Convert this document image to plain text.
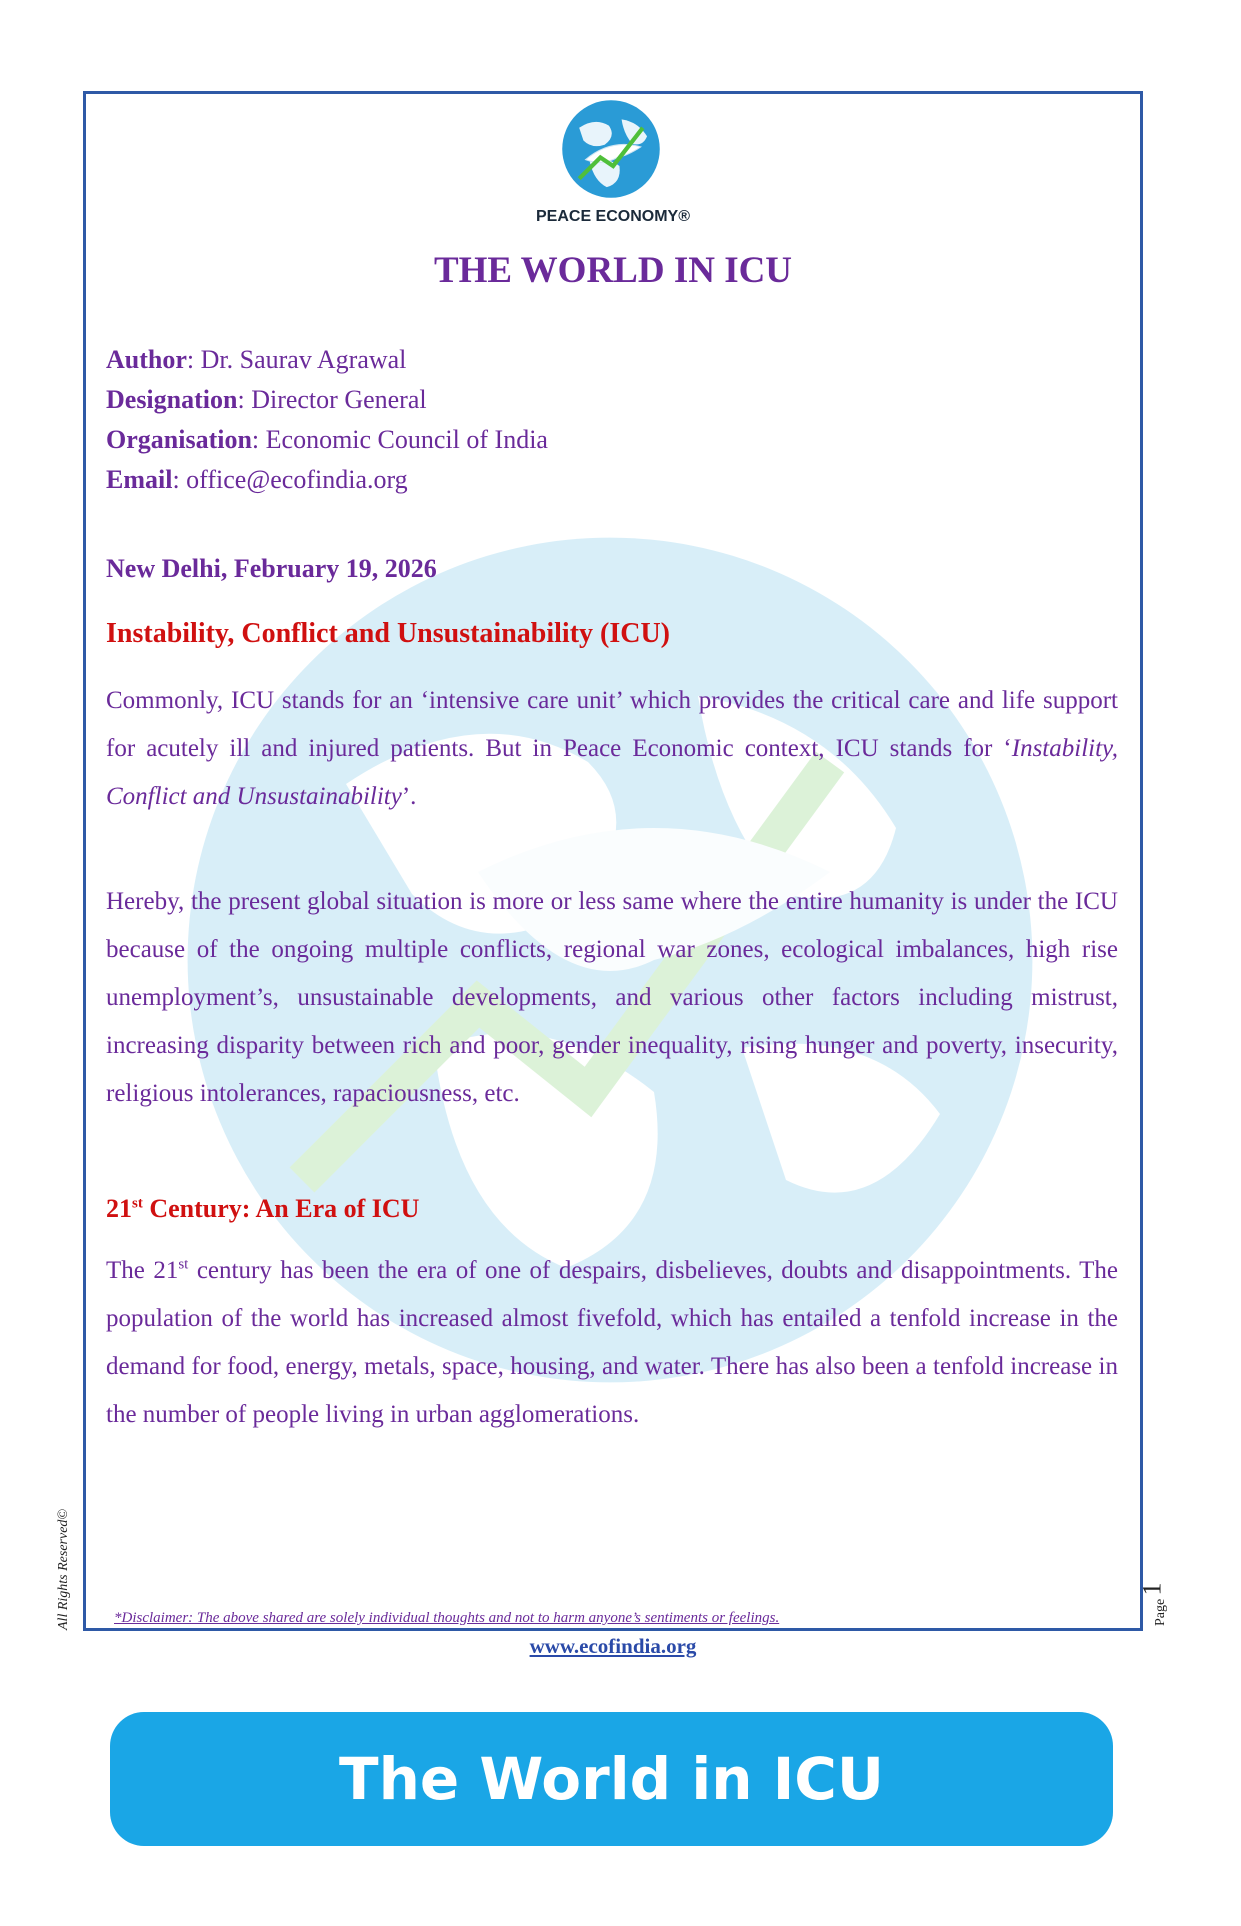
PEACE ECONOMY®
THE WORLD IN ICU
Author: Dr. Saurav Agrawal
Designation: Director General
Organisation: Economic Council of India
Email: office@ecofindia.org
New Delhi, February 19, 2026
Instability, Conflict and Unsustainability (ICU)
Commonly, ICU stands for an ‘intensive care unit’ which provides the critical care and life support for acutely ill and injured patients. But in Peace Economic context, ICU stands for ‘Instability, Conflict and Unsustainability’.
Hereby, the present global situation is more or less same where the entire humanity is under the ICU because of the ongoing multiple conflicts, regional war zones, ecological imbalances, high rise unemployment’s, unsustainable developments, and various other factors including mistrust, increasing disparity between rich and poor, gender inequality, rising hunger and poverty, insecurity, religious intolerances, rapaciousness, etc.
21st Century: An Era of ICU
The 21st century has been the era of one of despairs, disbelieves, doubts and disappointments. The population of the world has increased almost fivefold, which has entailed a tenfold increase in the demand for food, energy, metals, space, housing, and water. There has also been a tenfold increase in the number of people living in urban agglomerations.
All Rights Reserved©	Page
1
*Disclaimer: The above shared are solely individual thoughts and not to harm anyone’s sentiments or feelings.
www.ecofindia.org
The World in ICU
